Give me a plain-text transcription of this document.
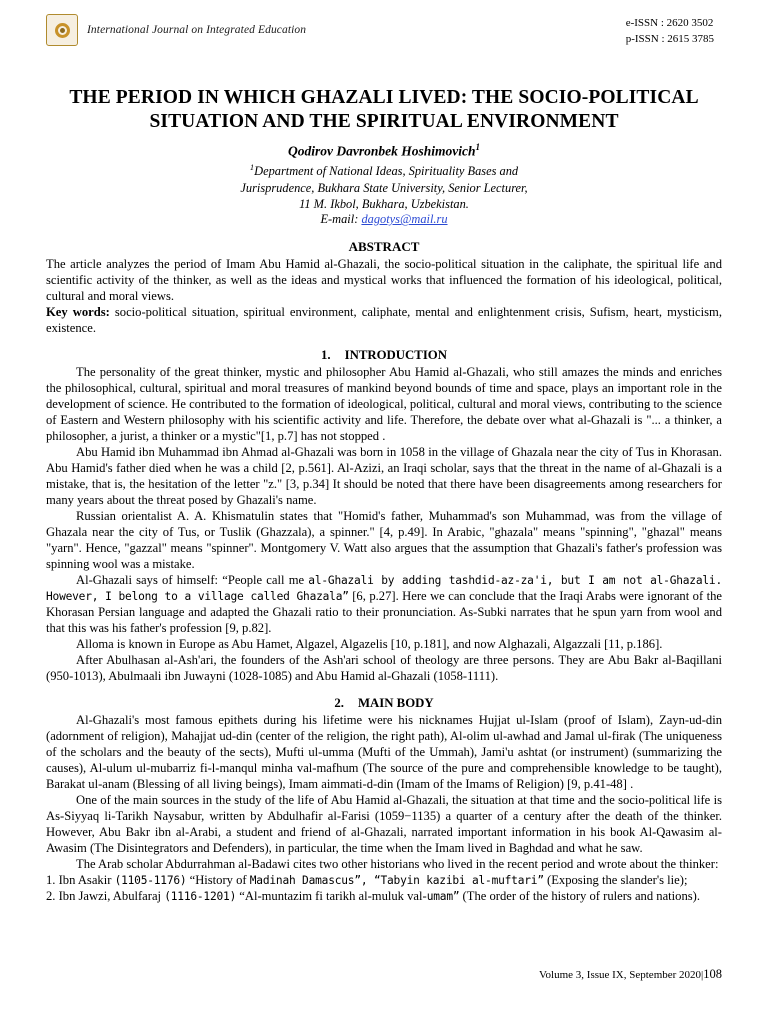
International Journal on Integrated Education
e-ISSN : 2620 3502
p-ISSN : 2615 3785
THE PERIOD IN WHICH GHAZALI LIVED: THE SOCIO-POLITICAL SITUATION AND THE SPIRITUAL ENVIRONMENT
Qodirov Davronbek Hoshimovich$^1$
$^1$Department of National Ideas, Spirituality Bases and
Jurisprudence, Bukhara State University, Senior Lecturer,
11 M. Ikbol, Bukhara, Uzbekistan.
E-mail: dagotys@mail.ru
ABSTRACT

The article analyzes the period of Imam Abu Hamid al-Ghazali, the socio-political situation in the caliphate, the spiritual life and scientific activity of the thinker, as well as the ideas and mystical works that influenced the formation of his ideological, political, cultural and moral views.

Key words: socio-political situation, spiritual environment, caliphate, mental and enlightenment crisis, Sufism, heart, mysticism, existence.

1. INTRODUCTION

The personality of the great thinker, mystic and philosopher Abu Hamid al-Ghazali, who still amazes the minds and enriches the philosophical, cultural, spiritual and moral treasures of mankind beyond bounds of time and space, plays an important role in the development of science. He contributed to the formation of ideological, political, cultural and moral views, contributing to the science of Eastern and Western philosophy with his scientific activity and life. Therefore, the debate over what al-Ghazali is "... a thinker, a philosopher, a jurist, a thinker or a mystic"[1, p.7] has not stopped .

Abu Hamid ibn Muhammad ibn Ahmad al-Ghazali was born in 1058 in the village of Ghazala near the city of Tus in Khorasan. Abu Hamid's father died when he was a child [2, p.561]. Al-Azizi, an Iraqi scholar, says that the threat in the name of al-Ghazali is a mistake, that is, the hesitation of the letter "z." [3, p.34] It should be noted that there have been disagreements among researchers for many years about the threat posed by Ghazali's name.

Russian orientalist A. A. Khismatulin states that "Homid's father, Muhammad's son Muhammad, was from the village of Ghazala near the city of Tus, or Tuslik (Ghazzala), a spinner." [4, p.49]. In Arabic, "ghazala" means "spinning", "ghazal" means "yarn". Hence, "gazzal" means "spinner". Montgomery V. Watt also argues that the assumption that Ghazali's father's profession was spinning wool was a mistake.

Al-Ghazali says of himself: “People call me al-Ghazali by adding tashdid-az-za'i, but I am not al-Ghazali. However, I belong to a village called Ghazala” [6, p.27]. Here we can conclude that the Iraqi Arabs were ignorant of the Khorasan Persian language and adapted the Ghazali ratio to their pronunciation. As-Subki narrates that he spun yarn from wool and that this was his father's profession [9, p.82].

Alloma is known in Europe as Abu Hamet, Algazel, Algazelis [10, p.181], and now Alghazali, Algazzali [11, p.186].

After Abulhasan al-Ash'ari, the founders of the Ash'ari school of theology are three persons. They are Abu Bakr al-Baqillani (950-1013), Abulmaali ibn Juwayni (1028-1085) and Abu Hamid al-Ghazali (1058-1111).

2. MAIN BODY

Al-Ghazali's most famous epithets during his lifetime were his nicknames Hujjat ul-Islam (proof of Islam), Zayn-ud-din (adornment of religion), Mahajjat ud-din (center of the religion, the right path), Al-olim ul-awhad and Jamal ul-firak (The uniqueness of the scholars and the beauty of the sects), Mufti ul-umma (Mufti of the Ummah), Jami'u ashtat (or instrument) (summarizing the causes), Al-ulum ul-mubarriz fi-l-manqul minha val-mafhum (The source of the pure and comprehensible knowledge to be taught), Barakat ul-anam (Blessing of all living beings), Imam aimmati-d-din (Imam of the Imams of Religion) [9, p.41-48] .

One of the main sources in the study of the life of Abu Hamid al-Ghazali, the situation at that time and the socio-political life is As-Siyyaq li-Tarikh Naysabur, written by Abdulhafir al-Farisi (1059−1135) a quarter of a century after the death of the thinker. However, Abu Bakr ibn al-Arabi, a student and friend of al-Ghazali, narrated important information in his book Al-Qawasim al-Awasim (The Disintegrators and Defenders), in particular, the time when the Imam lived in Baghdad and what he saw.

The Arab scholar Abdurrahman al-Badawi cites two other historians who lived in the recent period and wrote about the thinker:

1. Ibn Asakir (1105-1176) “History of Madinah Damascus”, “Tabyin kazibi al-muftari” (Exposing the slander's lie);

2. Ibn Jawzi, Abulfaraj (1116-1201) “Al-muntazim fi tarikh al-muluk val-umam” (The order of the history of rulers and nations).

Volume 3, Issue IX, September 2020|108
